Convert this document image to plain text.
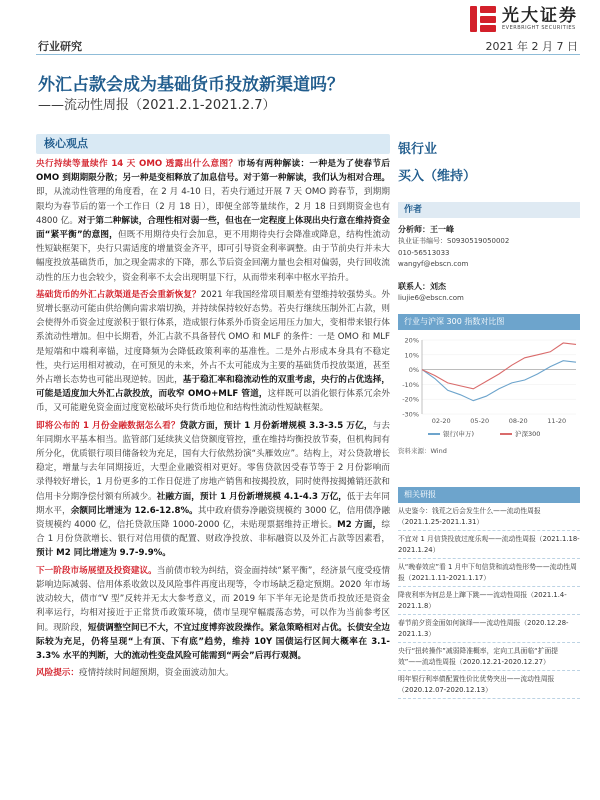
光大证券
EVERBRIGHT SECURITIES
行业研究	2021 年 2 月 7 日
外汇占款会成为基础货币投放新渠道吗？
——流动性周报（2021.2.1-2021.2.7）
核心观点

央行持续等量续作 14 天 OMO 透露出什么意图？市场有两种解读：一种是为了使春节后 OMO 到期期限分散；另一种是变相释放了加息信号。对于第一种解读，我们认为相对合理。即，从流动性管理的角度看，在 2 月 4-10 日，若央行通过开展 7 天 OMO 跨春节，到期期限均为春节后的第一个工作日（2 月 18 日），即便全部等量续作，2 月 18 日到期资金也有 4800 亿。对于第二种解读，合理性相对弱一些，但也在一定程度上体现出央行意在维持资金面“紧平衡”的意图，但既不用期待央行会加息，更不用期待央行会降准或降息，结构性流动性短缺框架下，央行只需适度的增量资金齐平，即可引导资金利率调整。由于节前央行并未大幅度投放基础货币，加之现金需求的下降，那么节后资金回潮力量也会相对偏弱，央行回收流动性的压力也会较少，资金利率不太会出现明显下行，从而带来利率中枢水平抬升。

基础货币的外汇占款渠道是否会重新恢复？2021 年我国经常项目顺差有望维持较强势头。外贸增长驱动可能由供给侧向需求端切换，并持续保持较好态势。若央行继续压制外汇占款，则会使得外币资金过度淤积于银行体系，造成银行体系外币资金运用压力加大，变相带来银行体系流动性增加。但中长期看，外汇占款不具备替代 OMO 和 MLF 的条件：一是 OMO 和 MLF 是短端和中端利率锚，过度降频为会降低政策利率的基准性。二是外占形成本身具有不稳定性，央行运用相对被动，在可预见的未来，外占不太可能成为主要的基础货币投放渠道，甚至外占增长态势也可能出现逆转。因此，基于稳汇率和稳流动性的双重考虑，央行的占优选择，可能是适度加大外汇占款投放，而收窄 OMO+MLF 管道，这样既可以消化银行体系冗余外币，又可能避免资金面过度宽松破坏央行货币地位和结构性流动性短缺框架。

即将公布的 1 月份金融数据怎么看？贷款方面，预计 1 月份新增规模 3.3-3.5 万亿，与去年同期水平基本相当。监管部门延续狭义信贷额度管控，重在维持均衡投放节奏，但机构间有所分化，优质银行项目储备较为充足，国有大行依然扮演“头雁效应”。结构上，对公贷款增长稳定，增量与去年同期接近，大型企业融资相对更好。零售贷款因受春节等于 2 月份影响而录得较好增长，1 月份更多的工作日促进了房地产销售和按揭投放，同时使得按揭摊销还款和信用卡分期净偿付额有所减少。社融方面，预计 1 月份新增规模 4.1-4.3 万亿，低于去年同期水平，余额同比增速为 12.6-12.8%。其中政府债券净融资规模约 3000 亿，信用债净融资规模约 4000 亿，信托贷款压降 1000-2000 亿，未贴现票据维持正增长。M2 方面，综合 1 月份贷款增长、银行对信用债的配置、财政净投放、非标融资以及外汇占款等因素看，预计 M2 同比增速为 9.7-9.9%。

下一阶段市场展望及投资建议。当前债市较为纠结，资金面持续“紧平衡”，经济景气度受疫情影响边际减弱、信用体系收敛以及风险事件再度出现等，令市场缺乏稳定预期。2020 年市场波动较大，债市“V 型”反转并无太大参考意义，而 2019 年下半年无论是货币投放还是资金利率运行，均相对接近于正常货币政策环境，债市呈现窄幅震荡态势，可以作为当前参考区间。现阶段，短债调整空间已不大，不宜过度博弈波段操作。紧急策略相对占优。长债安全边际较为充足，仍将呈现“上有顶、下有底”趋势，维持 10Y 国债运行区间大概率在 3.1-3.3% 水平的判断，大的流动性变盘风险可能需到“两会”后再行观测。

风险提示：疫情持续时间超预期，资金面波动加大。

银行业
买入（维持）
作者
分析师：王一峰
执业证书编号：S0930519050002
010-56513033
wangyf@ebscn.com
联系人：刘杰
liujie6@ebscn.com
行业与沪深 300 指数对比图
20%
10%
0%
-10%
-20%
-30%
02-20	05-20	08-20	11-20
银行(申万)	沪深300
资料来源：Wind
相关研报
从史鉴今：钱荒之后会发生什么——流动性周报（2021.1.25-2021.1.31）
不宜对 1 月信贷投放过度乐观——流动性周报（2021.1.18-2021.1.24）
从“晚春效应”看 1 月中下旬信贷和流动性形势——流动性周报（2021.1.11-2021.1.17）
降夜利率为何总是上蹿下跳——流动性周报（2021.1.4-2021.1.8）
春节前夕资金面如何演绎——流动性周报（2020.12.28-2021.1.3）
央行“扭转操作”减弱降准概率，定向工具面临“扩面提效”——流动性周报（2020.12.21-2020.12.27）
明年银行利率债配置性价比优势突出——流动性周报（2020.12.07-2020.12.13）
